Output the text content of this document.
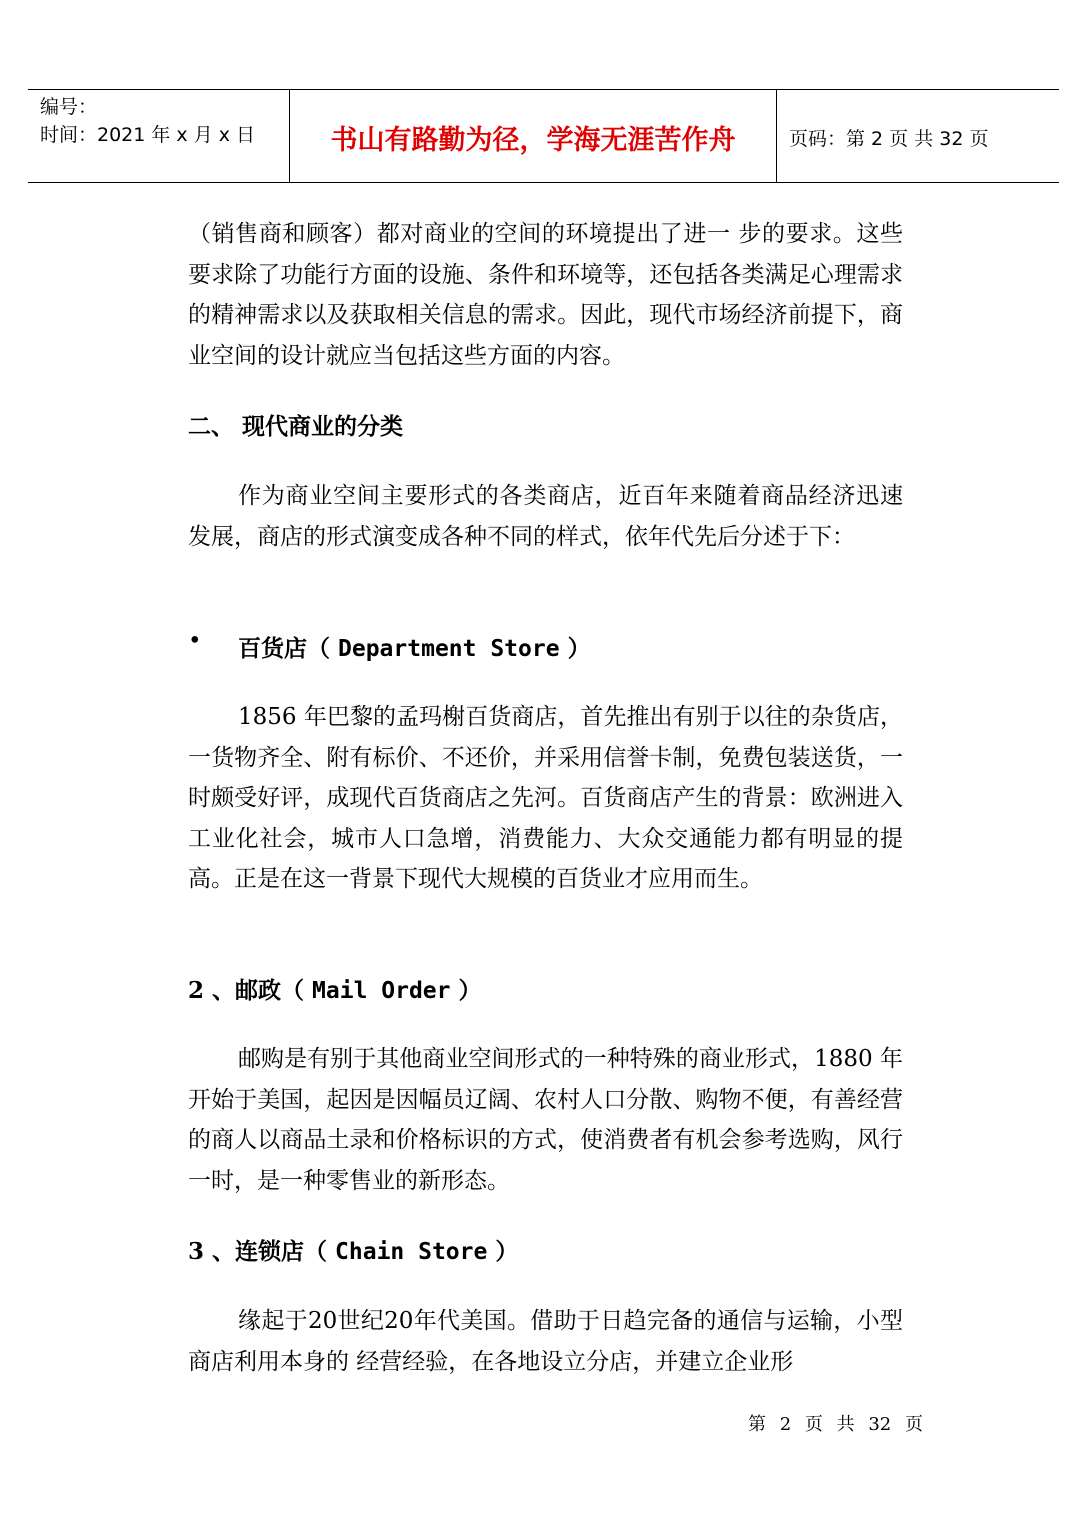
编号：
时间：2021 年 x 月 x 日	书山有路勤为径，学海无涯苦作舟	页码：第 2 页 共 32 页

（销售商和顾客）都对商业的空间的环境提出了进一 步的要求。这些要求除了功能行方面的设施、条件和环境等，还包括各类满足心理需求的精神需求以及获取相关信息的需求。因此，现代市场经济前提下，商业空间的设计就应当包括这些方面的内容。

二、 现代商业的分类

作为商业空间主要形式的各类商店，近百年来随着商品经济迅速发展，商店的形式演变成各种不同的样式，依年代先后分述于下：

• 百货店（ Department Store ）

1856 年巴黎的孟玛榭百货商店，首先推出有别于以往的杂货店，一货物齐全、附有标价、不还价，并采用信誉卡制，免费包装送货，一时颇受好评，成现代百货商店之先河。百货商店产生的背景：欧洲进入工业化社会，城市人口急增，消费能力、大众交通能力都有明显的提高。正是在这一背景下现代大规模的百货业才应用而生。

2 、邮政（ Mail Order ）

邮购是有别于其他商业空间形式的一种特殊的商业形式，1880 年开始于美国，起因是因幅员辽阔、农村人口分散、购物不便，有善经营的商人以商品土录和价格标识的方式，使消费者有机会参考选购，风行一时，是一种零售业的新形态。

3 、连锁店（ Chain Store ）

缘起于20世纪20年代美国。借助于日趋完备的通信与运输，小型商店利用本身的 经营经验，在各地设立分店，并建立企业形

第 2 页 共 32 页
